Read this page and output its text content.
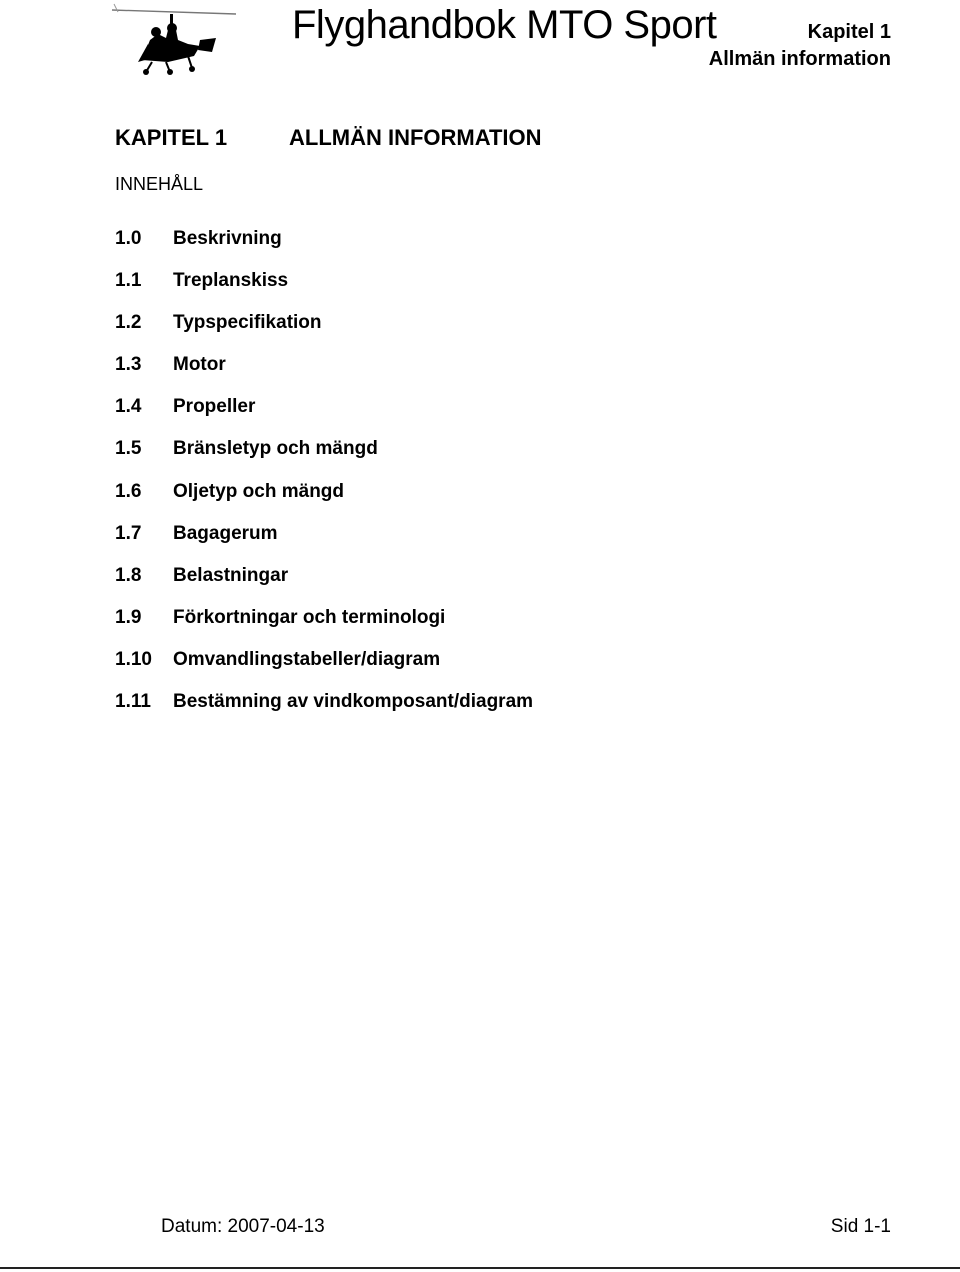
Flyghandbok MTO Sport	Kapitel 1
Allmän information
KAPITEL 1	ALLMÄN INFORMATION
INNEHÅLL
1.0	Beskrivning
1.1	Treplanskiss
1.2	Typspecifikation
1.3	Motor
1.4	Propeller
1.5	Bränsletyp och mängd
1.6	Oljetyp och mängd
1.7	Bagagerum
1.8	Belastningar
1.9	Förkortningar och terminologi
1.10	Omvandlingstabeller/diagram
1.11	Bestämning av vindkomposant/diagram
Datum: 2007-04-13	Sid 1-1
